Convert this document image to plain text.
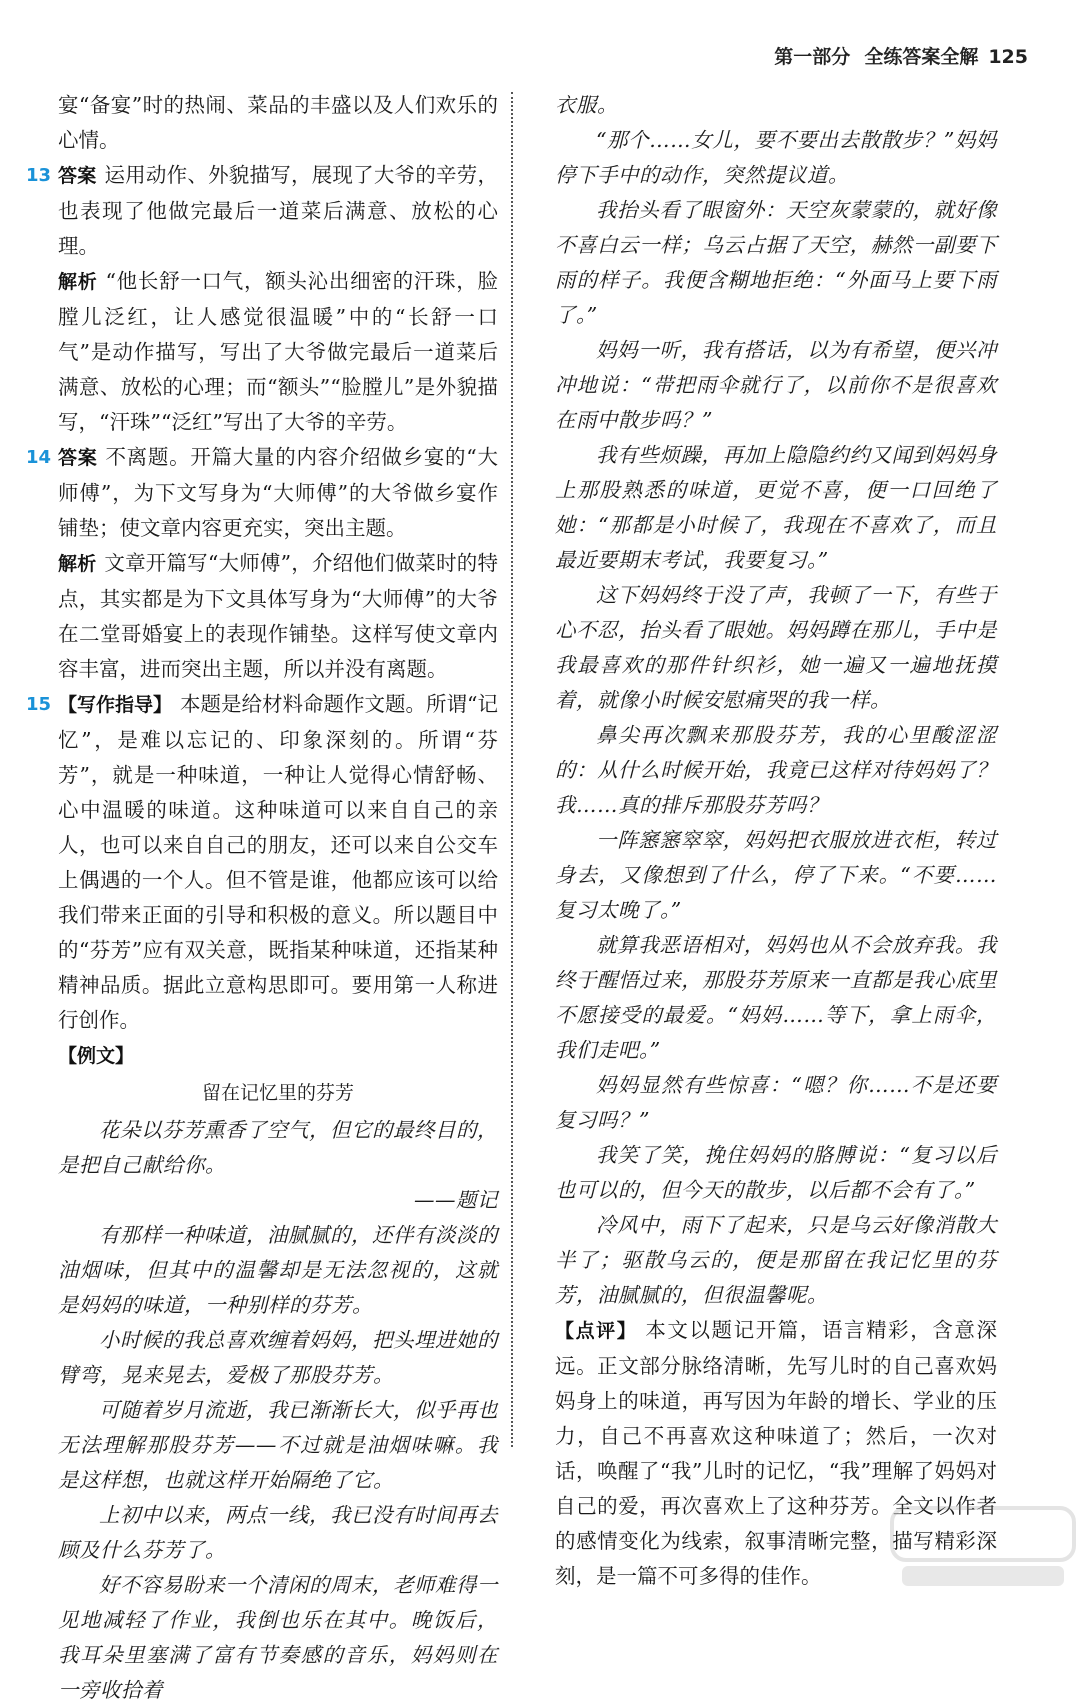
第一部分 全练答案全解 125

宴“备宴”时的热闹、菜品的丰盛以及人们欢乐的心情。

13 答案 运用动作、外貌描写，展现了大爷的辛劳，也表现了他做完最后一道菜后满意、放松的心理。

解析 “他长舒一口气，额头沁出细密的汗珠，脸膛儿泛红，让人感觉很温暖”中的“长舒一口气”是动作描写，写出了大爷做完最后一道菜后满意、放松的心理；而“额头”“脸膛儿”是外貌描写，“汗珠”“泛红”写出了大爷的辛劳。

14 答案 不离题。开篇大量的内容介绍做乡宴的“大师傅”，为下文写身为“大师傅”的大爷做乡宴作铺垫；使文章内容更充实，突出主题。

解析 文章开篇写“大师傅”，介绍他们做菜时的特点，其实都是为下文具体写身为“大师傅”的大爷在二堂哥婚宴上的表现作铺垫。这样写使文章内容丰富，进而突出主题，所以并没有离题。

15 【写作指导】 本题是给材料命题作文题。所谓“记忆”，是难以忘记的、印象深刻的。所谓“芬芳”，就是一种味道，一种让人觉得心情舒畅、心中温暖的味道。这种味道可以来自自己的亲人，也可以来自自己的朋友，还可以来自公交车上偶遇的一个人。但不管是谁，他都应该可以给我们带来正面的引导和积极的意义。所以题目中的“芬芳”应有双关意，既指某种味道，还指某种精神品质。据此立意构思即可。要用第一人称进行创作。

【例文】

留在记忆里的芬芳

花朵以芬芳熏香了空气，但它的最终目的，是把自己献给你。

——题记

有那样一种味道，油腻腻的，还伴有淡淡的油烟味，但其中的温馨却是无法忽视的，这就是妈妈的味道，一种别样的芬芳。

小时候的我总喜欢缠着妈妈，把头埋进她的臂弯，晃来晃去，爱极了那股芬芳。

可随着岁月流逝，我已渐渐长大，似乎再也无法理解那股芬芳——不过就是油烟味嘛。我是这样想，也就这样开始隔绝了它。

上初中以来，两点一线，我已没有时间再去顾及什么芬芳了。

好不容易盼来一个清闲的周末，老师难得一见地减轻了作业，我倒也乐在其中。晚饭后，我耳朵里塞满了富有节奏感的音乐，妈妈则在一旁收拾着

衣服。

“那个……女儿，要不要出去散散步？”妈妈停下手中的动作，突然提议道。

我抬头看了眼窗外：天空灰蒙蒙的，就好像不喜白云一样；乌云占据了天空，赫然一副要下雨的样子。我便含糊地拒绝：“外面马上要下雨了。”

妈妈一听，我有搭话，以为有希望，便兴冲冲地说：“带把雨伞就行了，以前你不是很喜欢在雨中散步吗？”

我有些烦躁，再加上隐隐约约又闻到妈妈身上那股熟悉的味道，更觉不喜，便一口回绝了她：“那都是小时候了，我现在不喜欢了，而且最近要期末考试，我要复习。”

这下妈妈终于没了声，我顿了一下，有些于心不忍，抬头看了眼她。妈妈蹲在那儿，手中是我最喜欢的那件针织衫，她一遍又一遍地抚摸着，就像小时候安慰痛哭的我一样。

鼻尖再次飘来那股芬芳，我的心里酸涩涩的：从什么时候开始，我竟已这样对待妈妈了？我……真的排斥那股芬芳吗？

一阵窸窸窣窣，妈妈把衣服放进衣柜，转过身去，又像想到了什么，停了下来。“不要……复习太晚了。”

就算我恶语相对，妈妈也从不会放弃我。我终于醒悟过来，那股芬芳原来一直都是我心底里不愿接受的最爱。“妈妈……等下，拿上雨伞，我们走吧。”

妈妈显然有些惊喜：“嗯？你……不是还要复习吗？”

我笑了笑，挽住妈妈的胳膊说：“复习以后也可以的，但今天的散步，以后都不会有了。”

冷风中，雨下了起来，只是乌云好像消散大半了；驱散乌云的，便是那留在我记忆里的芬芳，油腻腻的，但很温馨呢。

【点评】 本文以题记开篇，语言精彩，含意深远。正文部分脉络清晰，先写儿时的自己喜欢妈妈身上的味道，再写因为年龄的增长、学业的压力，自己不再喜欢这种味道了；然后，一次对话，唤醒了“我”儿时的记忆，“我”理解了妈妈对自己的爱，再次喜欢上了这种芬芳。全文以作者的感情变化为线索，叙事清晰完整，描写精彩深刻，是一篇不可多得的佳作。
